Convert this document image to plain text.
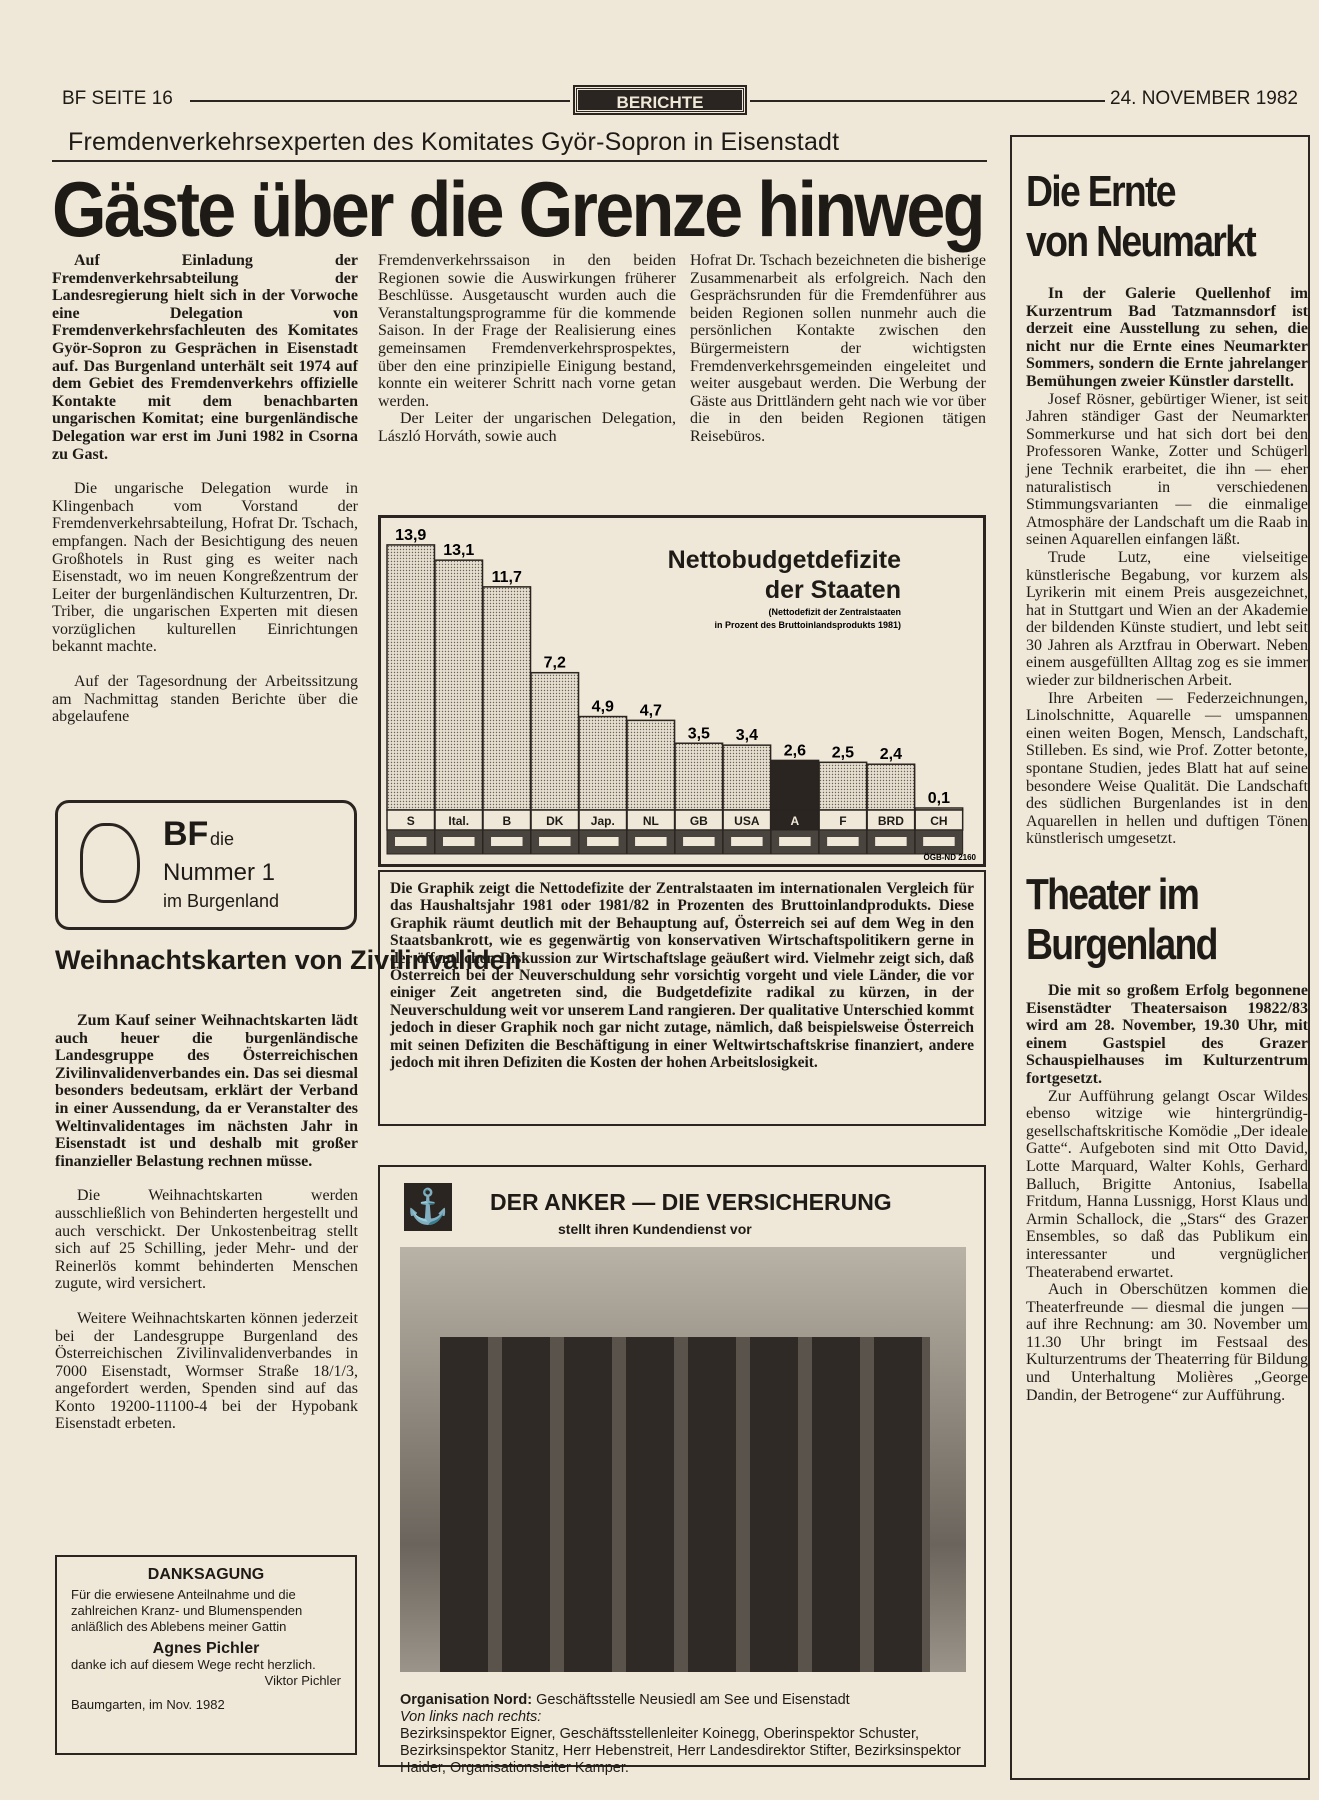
BF SEITE 16	BERICHTE	24. NOVEMBER 1982
Fremdenverkehrsexperten des Komitates Györ-Sopron in Eisenstadt
Gäste über die Grenze hinweg

Auf Einladung der Fremdenverkehrsabteilung der Landesregierung hielt sich in der Vorwoche eine Delegation von Fremdenverkehrsfachleuten des Komitates Györ-Sopron zu Gesprächen in Eisenstadt auf. Das Burgenland unterhält seit 1974 auf dem Gebiet des Fremdenverkehrs offizielle Kontakte mit dem benachbarten ungarischen Komitat; eine burgenländische Delegation war erst im Juni 1982 in Csorna zu Gast.

Die ungarische Delegation wurde in Klingenbach vom Vorstand der Fremdenverkehrsabteilung, Hofrat Dr. Tschach, empfangen. Nach der Besichtigung des neuen Großhotels in Rust ging es weiter nach Eisenstadt, wo im neuen Kongreßzentrum der Leiter der burgenländischen Kulturzentren, Dr. Triber, die ungarischen Experten mit diesen vorzüglichen kulturellen Einrichtungen bekannt machte.

Auf der Tagesordnung der Arbeitssitzung am Nachmittag standen Berichte über die abgelaufene

Fremdenverkehrssaison in den beiden Regionen sowie die Auswirkungen früherer Beschlüsse. Ausgetauscht wurden auch die Veranstaltungsprogramme für die kommende Saison. In der Frage der Realisierung eines gemeinsamen Fremdenverkehrsprospektes, über den eine prinzipielle Einigung bestand, konnte ein weiterer Schritt nach vorne getan werden.

Der Leiter der ungarischen Delegation, László Horváth, sowie auch

Hofrat Dr. Tschach bezeichneten die bisherige Zusammenarbeit als erfolgreich. Nach den Gesprächsrunden für die Fremdenführer aus beiden Regionen sollen nunmehr auch die persönlichen Kontakte zwischen den Bürgermeistern der wichtigsten Fremdenverkehrsgemeinden eingeleitet und weiter ausgebaut werden. Die Werbung der Gäste aus Drittländern geht nach wie vor über die in den beiden Regionen tätigen Reisebüros.

Nettobudgetdefizite
der Staaten
(Nettodefizit der Zentralstaaten
in Prozent des Bruttoinlandsprodukts 1981)
13,9
S
13,1
Ital.
11,7
B
7,2
DK
4,9
Jap.
4,7
NL
3,5
GB
3,4
USA
2,6
A
2,5
F
2,4
BRD
0,1
CH
ÖGB-ND 2160
Die Graphik zeigt die Nettodefizite der Zentralstaaten im internationalen Vergleich für das Haushaltsjahr 1981 oder 1981/82 in Prozenten des Bruttoinlandprodukts. Diese Graphik räumt deutlich mit der Behauptung auf, Österreich sei auf dem Weg in den Staatsbankrott, wie es gegenwärtig von konservativen Wirtschaftspolitikern gerne in der öffentlichen Diskussion zur Wirtschaftslage geäußert wird. Vielmehr zeigt sich, daß Österreich bei der Neuverschuldung sehr vorsichtig vorgeht und viele Länder, die vor einiger Zeit angetreten sind, die Budgetdefizite radikal zu kürzen, in der Neuverschuldung weit vor unserem Land rangieren. Der qualitative Unterschied kommt jedoch in dieser Graphik noch gar nicht zutage, nämlich, daß beispielsweise Österreich mit seinen Defiziten die Beschäftigung in einer Weltwirtschaftskrise finanziert, andere jedoch mit ihren Defiziten die Kosten der hohen Arbeitslosigkeit.
BF die
Nummer 1
im Burgenland
Weihnachtskarten von Zivilinvaliden

Zum Kauf seiner Weihnachtskarten lädt auch heuer die burgenländische Landesgruppe des Österreichischen Zivilinvalidenverbandes ein. Das sei diesmal besonders bedeutsam, erklärt der Verband in einer Aussendung, da er Veranstalter des Weltinvalidentages im nächsten Jahr in Eisenstadt ist und deshalb mit großer finanzieller Belastung rechnen müsse.

Die Weihnachtskarten werden ausschließlich von Behinderten hergestellt und auch verschickt. Der Unkostenbeitrag stellt sich auf 25 Schilling, jeder Mehr- und der Reinerlös kommt behinderten Menschen zugute, wird versichert.

Weitere Weihnachtskarten können jederzeit bei der Landesgruppe Burgenland des Österreichischen Zivilinvalidenverbandes in 7000 Eisenstadt, Wormser Straße 18/1/3, angefordert werden, Spenden sind auf das Konto 19200-11100-4 bei der Hypobank Eisenstadt erbeten.

DANKSAGUNG
Für die erwiesene Anteilnahme und die zahlreichen Kranz- und Blumenspenden anläßlich des Ablebens meiner Gattin
Agnes Pichler
danke ich auf diesem Wege recht herzlich.
Viktor Pichler
Baumgarten, im Nov. 1982
⚓ DER ANKER — DIE VERSICHERUNG
stellt ihren Kundendienst vor
Organisation Nord: Geschäftsstelle Neusiedl am See und Eisenstadt
Von links nach rechts:
Bezirksinspektor Eigner, Geschäftsstellenleiter Koinegg, Oberinspektor Schuster, Bezirksinspektor Stanitz, Herr Hebenstreit, Herr Landesdirektor Stifter, Bezirksinspektor Haider, Organisationsleiter Kamper.
Die Ernte
von Neumarkt

In der Galerie Quellenhof im Kurzentrum Bad Tatzmannsdorf ist derzeit eine Ausstellung zu sehen, die nicht nur die Ernte eines Neumarkter Sommers, sondern die Ernte jahrelanger Bemühungen zweier Künstler darstellt.

Josef Rösner, gebürtiger Wiener, ist seit Jahren ständiger Gast der Neumarkter Sommerkurse und hat sich dort bei den Professoren Wanke, Zotter und Schügerl jene Technik erarbeitet, die ihn — eher naturalistisch in verschiedenen Stimmungsvarianten — die einmalige Atmosphäre der Landschaft um die Raab in seinen Aquarellen einfangen läßt.

Trude Lutz, eine vielseitige künstlerische Begabung, vor kurzem als Lyrikerin mit einem Preis ausgezeichnet, hat in Stuttgart und Wien an der Akademie der bildenden Künste studiert, und lebt seit 30 Jahren als Arztfrau in Oberwart. Neben einem ausgefüllten Alltag zog es sie immer wieder zur bildnerischen Arbeit.

Ihre Arbeiten — Federzeichnungen, Linolschnitte, Aquarelle — umspannen einen weiten Bogen, Mensch, Landschaft, Stilleben. Es sind, wie Prof. Zotter betonte, spontane Studien, jedes Blatt hat auf seine besondere Weise Qualität. Die Landschaft des südlichen Burgenlandes ist in den Aquarellen in hellen und duftigen Tönen künstlerisch umgesetzt.

Theater im
Burgenland

Die mit so großem Erfolg begonnene Eisenstädter Theatersaison 19822/83 wird am 28. November, 19.30 Uhr, mit einem Gastspiel des Grazer Schauspielhauses im Kulturzentrum fortgesetzt.

Zur Aufführung gelangt Oscar Wildes ebenso witzige wie hintergründig-gesellschaftskritische Komödie „Der ideale Gatte“. Aufgeboten sind mit Otto David, Lotte Marquard, Walter Kohls, Gerhard Balluch, Brigitte Antonius, Isabella Fritdum, Hanna Lussnigg, Horst Klaus und Armin Schallock, die „Stars“ des Grazer Ensembles, so daß das Publikum ein interessanter und vergnüglicher Theaterabend erwartet.

Auch in Oberschützen kommen die Theaterfreunde — diesmal die jungen — auf ihre Rechnung: am 30. November um 11.30 Uhr bringt im Festsaal des Kulturzentrums der Theaterring für Bildung und Unterhaltung Molières „George Dandin, der Betrogene“ zur Aufführung.
